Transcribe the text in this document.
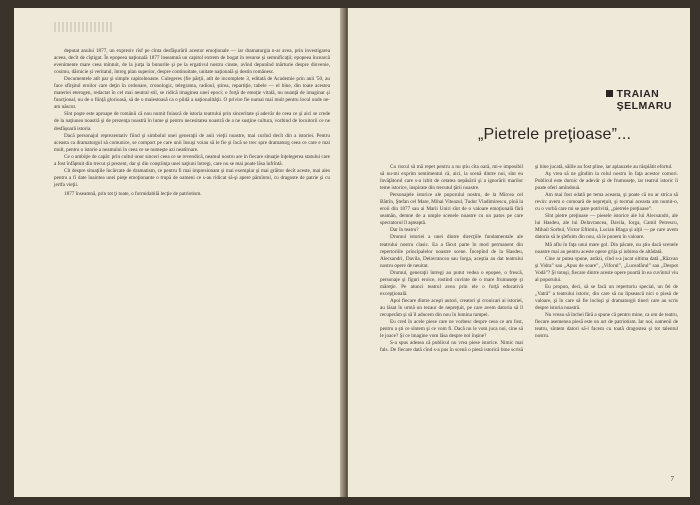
deputat anului 1877, un expresiv rîsf pe cînta desfăşurării acestor emoţionale — iar dramaturgia n-ar avea, prin investigarea aceea, decît de cîştigat. În epopeea naţională 1877 înseamnă un capitol extrem de bogat în resurse şi semnificaţii; epopeea încearcă evenimente mare ceea mîntuit, de la jurţa la bunurile şi pe la ergativul nostru cinste, avînd depunînd mărturie despre dinvenie, cosimu, dărnicie şi veritatul, întreg plan superior, despre continuitate, unitate naţională şi destin românesc.

Documentele atît par şi simple capitolnoaste. Culegeres (fie părţii, atît de incomplete 3, editată de Academie prin anii '50, au face sfîrşitul eroilor care deţin în ordonare, cronologic, telegrama, radioul, ştirea, repartiţie, tabele — el bine, din toate acestea materiei eterogen, redactat în cel mai neutral stil, se ridică imaginea unei epoci; o forţă de emoţie vitală, nu nuanţă de imaginar şi funcţional, nu de o fiinţă glorioasă, să de o maiestoasă ca o pildă a naţionalităţii. O privire fie numai mai mult pentru locul unde ne-am născut.

Sînt poşte este aproape de românii că nou numit foiască de istoria teatrului prin sinceritate şi adevăr de ceea ce şi aici se crede de la naţiunea noastră şi de prezenţa noastră în lume şi pentru necesitatea noastră de a ne susţine cultura, vorbind de locuitorii ce ne desfăşoară istoria.

Dacă personajul reprezentativ fiind şi simbolul unei generaţii de anii vieţii noastre, mai curînd decît din a istoriei. Pentru aceasta ca dramaturgul să comunice, se comport pe care unii însuşi voiau să le fie şi încă se trec spre dramaturg ceea ce care e mai mult, pentru o istorie a neamului în ceea ce se numeşte azi neatîrnare.

Ce o ambiţie de capăt: prin cultul unor sinceri ceea ce se revendică, neamul nostru are în fiecare situaţie înţelegerea statului care a fost înfăptuit din trecut şi prezent, dar şi din conştiinţa unei naţiuni întregi, care nu se mai poate lăsa înfrîntă.

Cît despre situaţiile încărcate de dramatism, ce pentru fi mai impresionant şi mai exemplar şi mai grăitor decît aceste, mai ales pentru a fi date înaintea unei pieţe emoţionante o trupă de oameni ce s-au ridicat să-şi apere pămîntul, cu dragoste de patrie şi cu jertfa vieţii.

1877 înseamnă, prin tot ţi toate, o formidabilă lecţie de patriotism.
TRAIAN
ŞELMARU
„Pietrele preţioase”...

Cu riscul să mă repet pentru a nu știu cîta oară, mi-e imposibil să nu-mi exprim sentimentul că, aici, la scenă dintre noi, sînt eu învăţătorul care s-a izbit de cetatea nepăsării şi a ignorării marilor teme istorice, inspirate din trecutul ţării noastre.

Personajele istorice ale poporului nostru, de la Mircea cel Bătrîn, Ştefan cel Mare, Mihai Viteazul, Tudor Vladimirescu, pînă la eroii din 1877 sau ai Marii Uniri sînt de o valoare emoţională fără seamăn, demne de a umple scenele noastre cu un patos pe care spectatorul îl aşteaptă.

Dar în teatru?

Drumul istoriei a unei dintre direcţiile fundamentale ale teatrului nostru clasic. Ea a făcut parte în mod permanent din repertoriile principalelor noastre scene. Începînd de la Hasdeu, Alecsandri, Davila, Delavrancea sau Iorga, aceştia au dat teatrului nostru opere de neuitat.

Drumul, generaţii întregi au putut vedea o epopee, o frescă, personaje şi figuri eroice, rostind cuvinte de o mare frumuseţe şi măreţie. Pe atunci teatrul avea prin ele o forţă educativă excepţională.

Apoi fiecare dintre aceşti autori, creatori şi cronicari ai istoriei, au lăsat în urmă un tezaur de nepreţuit, pe care avem datoria să îl recuperăm şi să îl aducem din nou în lumina rampei.

Eu cred în acele piese care ne vorbesc despre ceea ce am fost, pentru a şti ce sîntem şi ce vom fi. Dacă nu le vom juca noi, cine să le joace? Şi ce imagine vom lăsa despre noi înşine?

S-a spus adesea că publicul nu vrea piese istorice. Nimic mai fals. De fiecare dată cînd s-a pus în scenă o piesă istorică bine scrisă şi bine jucată, sălile au fost pline, iar aplauzele au răsplătit efortul.

Aş vrea să ne gîndim la rolul nostru în faţa acestor comori. Publicul este dornic de adevăr şi de frumuseţe, iar teatrul istoric îi poate oferi amîndouă.

Am mai fost odată pe tema aceasta, şi poate că nu ar strica să revin: avem o comoară de nepreţuit, şi tocmai aceasta am numit-o, cu o vorbă care mi se pare potrivită, „pietrele preţioase”.

Sînt pietre preţioase — piesele istorice ale lui Alecsandri, ale lui Hasdeu, ale lui Delavrancea, Davila, Iorga, Camil Petrescu, Mihail Sorbul, Victor Eftimiu, Lucian Blaga şi alţii — pe care avem datoria să le şlefuim din nou, să le punem în valoare.

Mă aflu în faţa unui mare gol. Din păcate, nu ştiu dacă scenele noastre mai au pentru aceste opere grija şi iubirea de altădată.

Cine ar putea spune, astăzi, cînd s-a jucat ultima dată „Răzvan şi Vidra” sau „Apus de soare”, „Viforul”, „Luceafărul” sau „Despot Vodă”? Şi totuşi, fiecare dintre aceste opere poartă în ea cuvîntul viu al poporului.

Eu propun, deci, să se facă un repertoriu special, un fel de „Vatră” a teatrului istoric, din care să nu lipsească nici o piesă de valoare, şi în care să fie incluşi şi dramaturgii tineri care au scris despre istoria noastră.

Nu vreau să închei fără a spune că pentru mine, ca om de teatru, fiecare asemenea piesă este un act de patriotism. Iar noi, oamenii de teatru, sîntem datori să-l facem cu toată dragostea şi tot talentul nostru.

7
